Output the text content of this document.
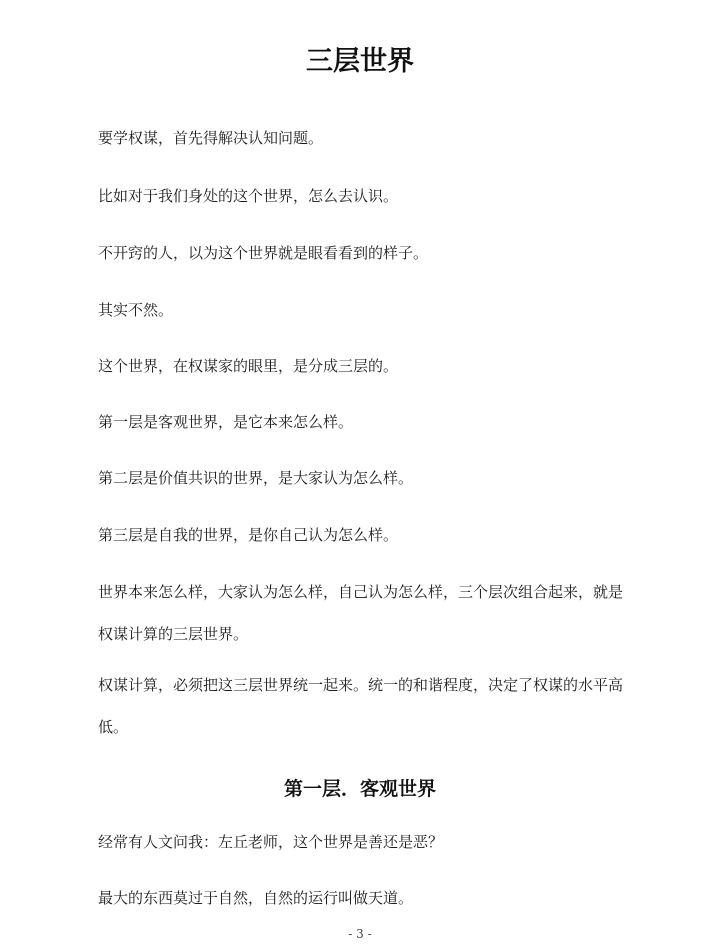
三层世界

要学权谋，首先得解决认知问题。

比如对于我们身处的这个世界，怎么去认识。

不开窍的人，以为这个世界就是眼看看到的样子。

其实不然。

这个世界，在权谋家的眼里，是分成三层的。

第一层是客观世界，是它本来怎么样。

第二层是价值共识的世界，是大家认为怎么样。

第三层是自我的世界，是你自己认为怎么样。

世界本来怎么样，大家认为怎么样，自己认为怎么样，三个层次组合起来，就是权谋计算的三层世界。

权谋计算，必须把这三层世界统一起来。统一的和谐程度，决定了权谋的水平高低。

第一层．客观世界

经常有人文问我：左丘老师，这个世界是善还是恶？

最大的东西莫过于自然，自然的运行叫做天道。

- 3 -
